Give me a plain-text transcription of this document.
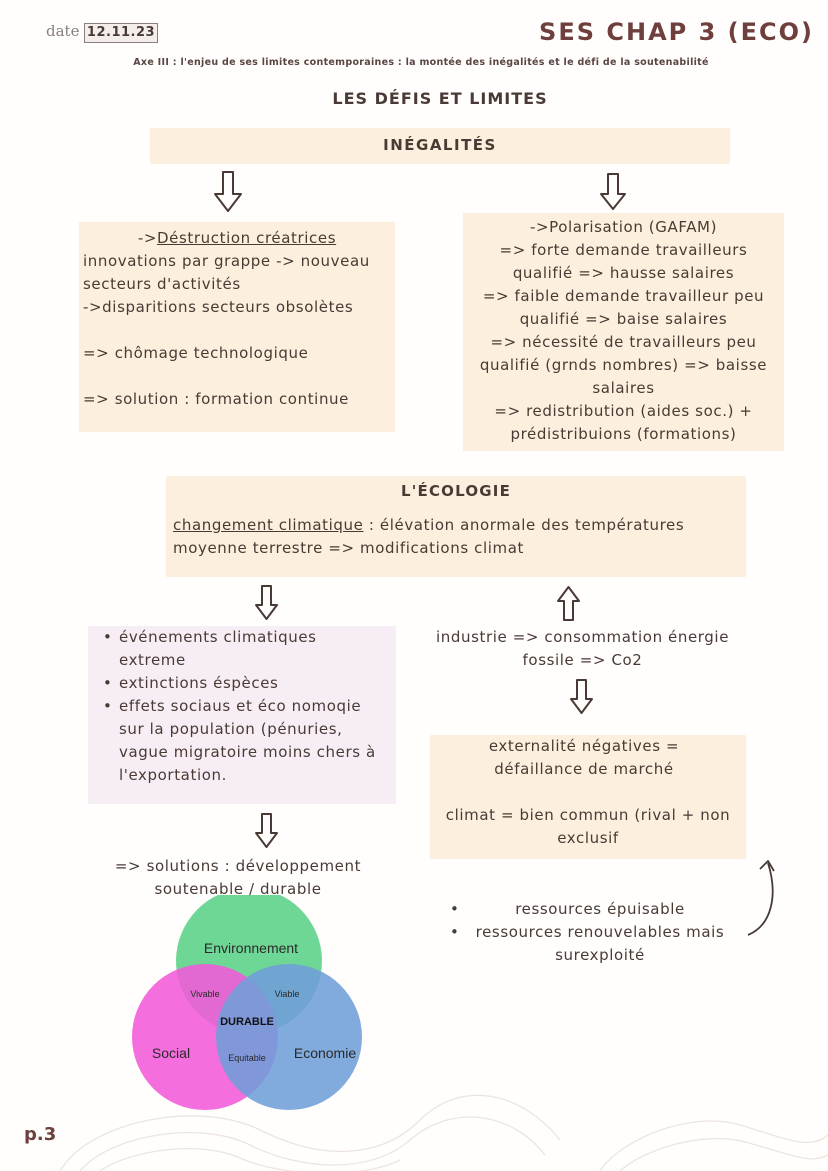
date 12.11.23	SES CHAP 3 (ECO)
Axe III : l'enjeu de ses limites contemporaines : la montée des inégalités et le défi de la soutenabilité
LES DÉFIS ET LIMITES
INÉGALITÉS
->Déstruction créatrices
innovations par grappe -> nouveau
secteurs d'activités
->disparitions secteurs obsolètes
=> chômage technologique
=> solution : formation continue
->Polarisation (GAFAM)
=> forte demande travailleurs
qualifié => hausse salaires
=> faible demande travailleur peu
qualifié => baise salaires
=> nécessité de travailleurs peu
qualifié (grnds nombres) => baisse
salaires
=> redistribution (aides soc.) +
prédistribuions (formations)
L'ÉCOLOGIE
changement climatique : élévation anormale des températures
moyenne terrestre => modifications climat
• événements climatiques
extreme
• extinctions éspèces
• effets sociaus et éco nomoqie
sur la population (pénuries,
vague migratoire moins chers à
l'exportation.
industrie => consommation énergie
fossile => Co2
externalité négatives =
défaillance de marché
climat = bien commun (rival + non
exclusif
=> solutions : développement
soutenable / durable
•	ressources épuisable
•	ressources renouvelables mais
surexploité
Environnement
Social	Economie
Vivable	Viable
Equitable
DURABLE
p.3
